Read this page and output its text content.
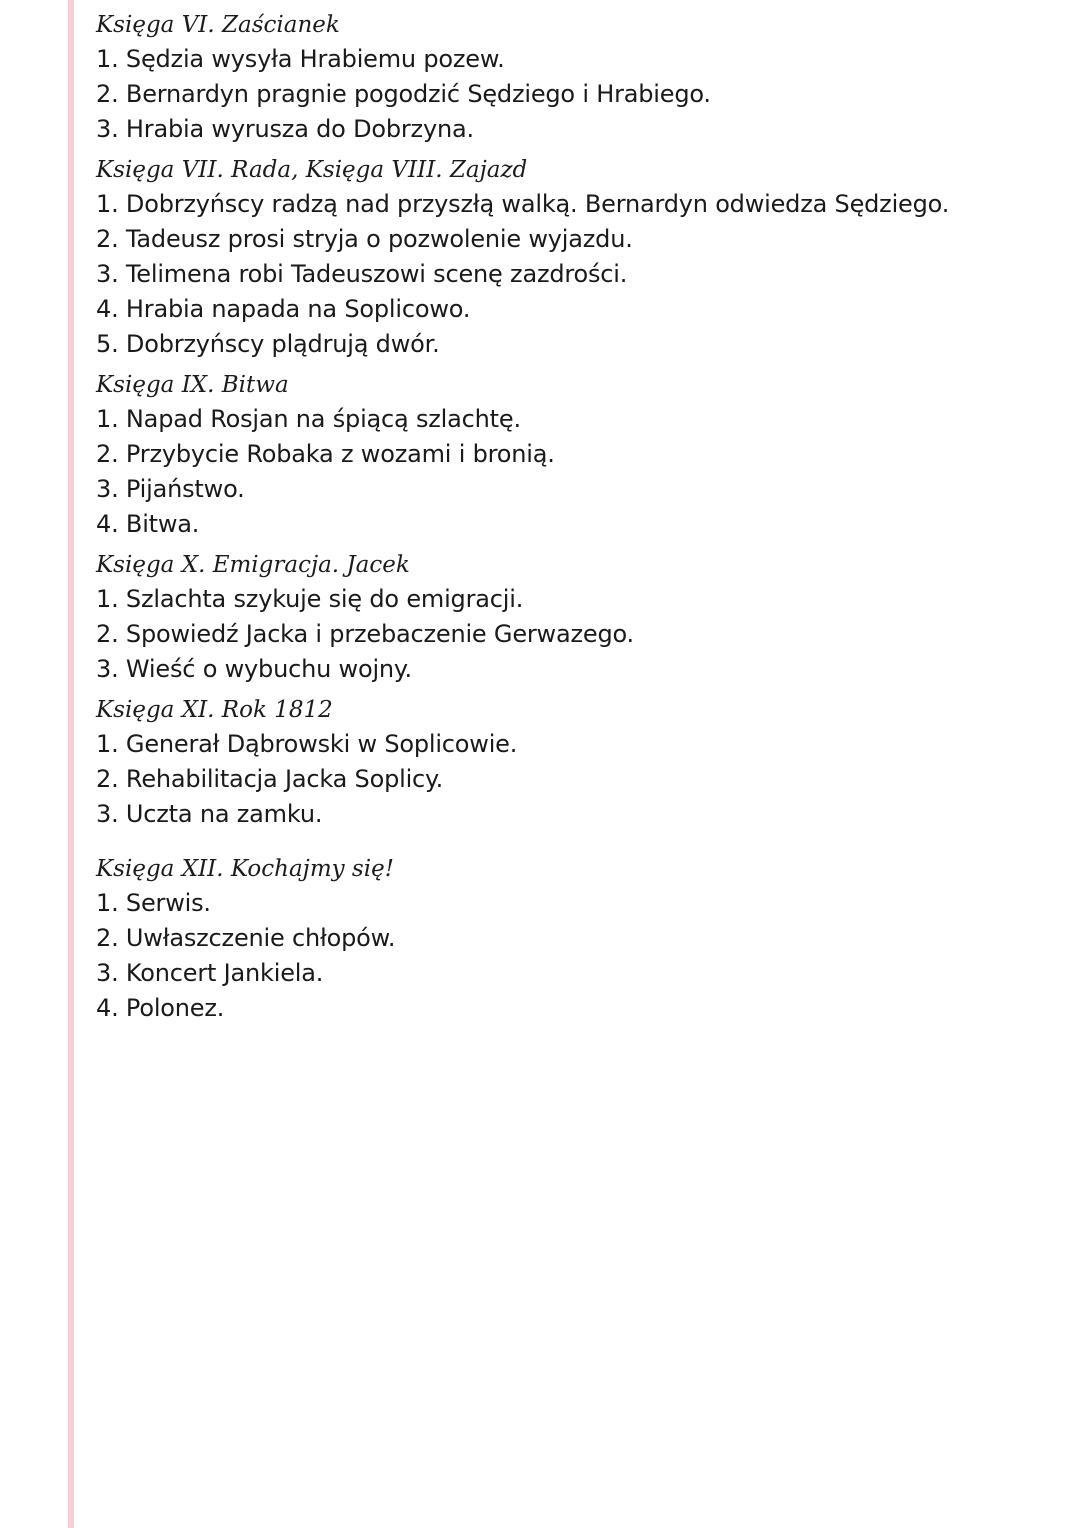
Księga VI. Zaścianek
1. Sędzia wysyła Hrabiemu pozew.
2. Bernardyn pragnie pogodzić Sędziego i Hrabiego.
3. Hrabia wyrusza do Dobrzyna.
Księga VII. Rada, Księga VIII. Zajazd
1. Dobrzyńscy radzą nad przyszłą walką. Bernardyn odwiedza Sędziego.
2. Tadeusz prosi stryja o pozwolenie wyjazdu.
3. Telimena robi Tadeuszowi scenę zazdrości.
4. Hrabia napada na Soplicowo.
5. Dobrzyńscy plądrują dwór.
Księga IX. Bitwa
1. Napad Rosjan na śpiącą szlachtę.
2. Przybycie Robaka z wozami i bronią.
3. Pijaństwo.
4. Bitwa.
Księga X. Emigracja. Jacek
1. Szlachta szykuje się do emigracji.
2. Spowiedź Jacka i przebaczenie Gerwazego.
3. Wieść o wybuchu wojny.
Księga XI. Rok 1812
1. Generał Dąbrowski w Soplicowie.
2. Rehabilitacja Jacka Soplicy.
3. Uczta na zamku.
Księga XII. Kochajmy się!
1. Serwis.
2. Uwłaszczenie chłopów.
3. Koncert Jankiela.
4. Polonez.
